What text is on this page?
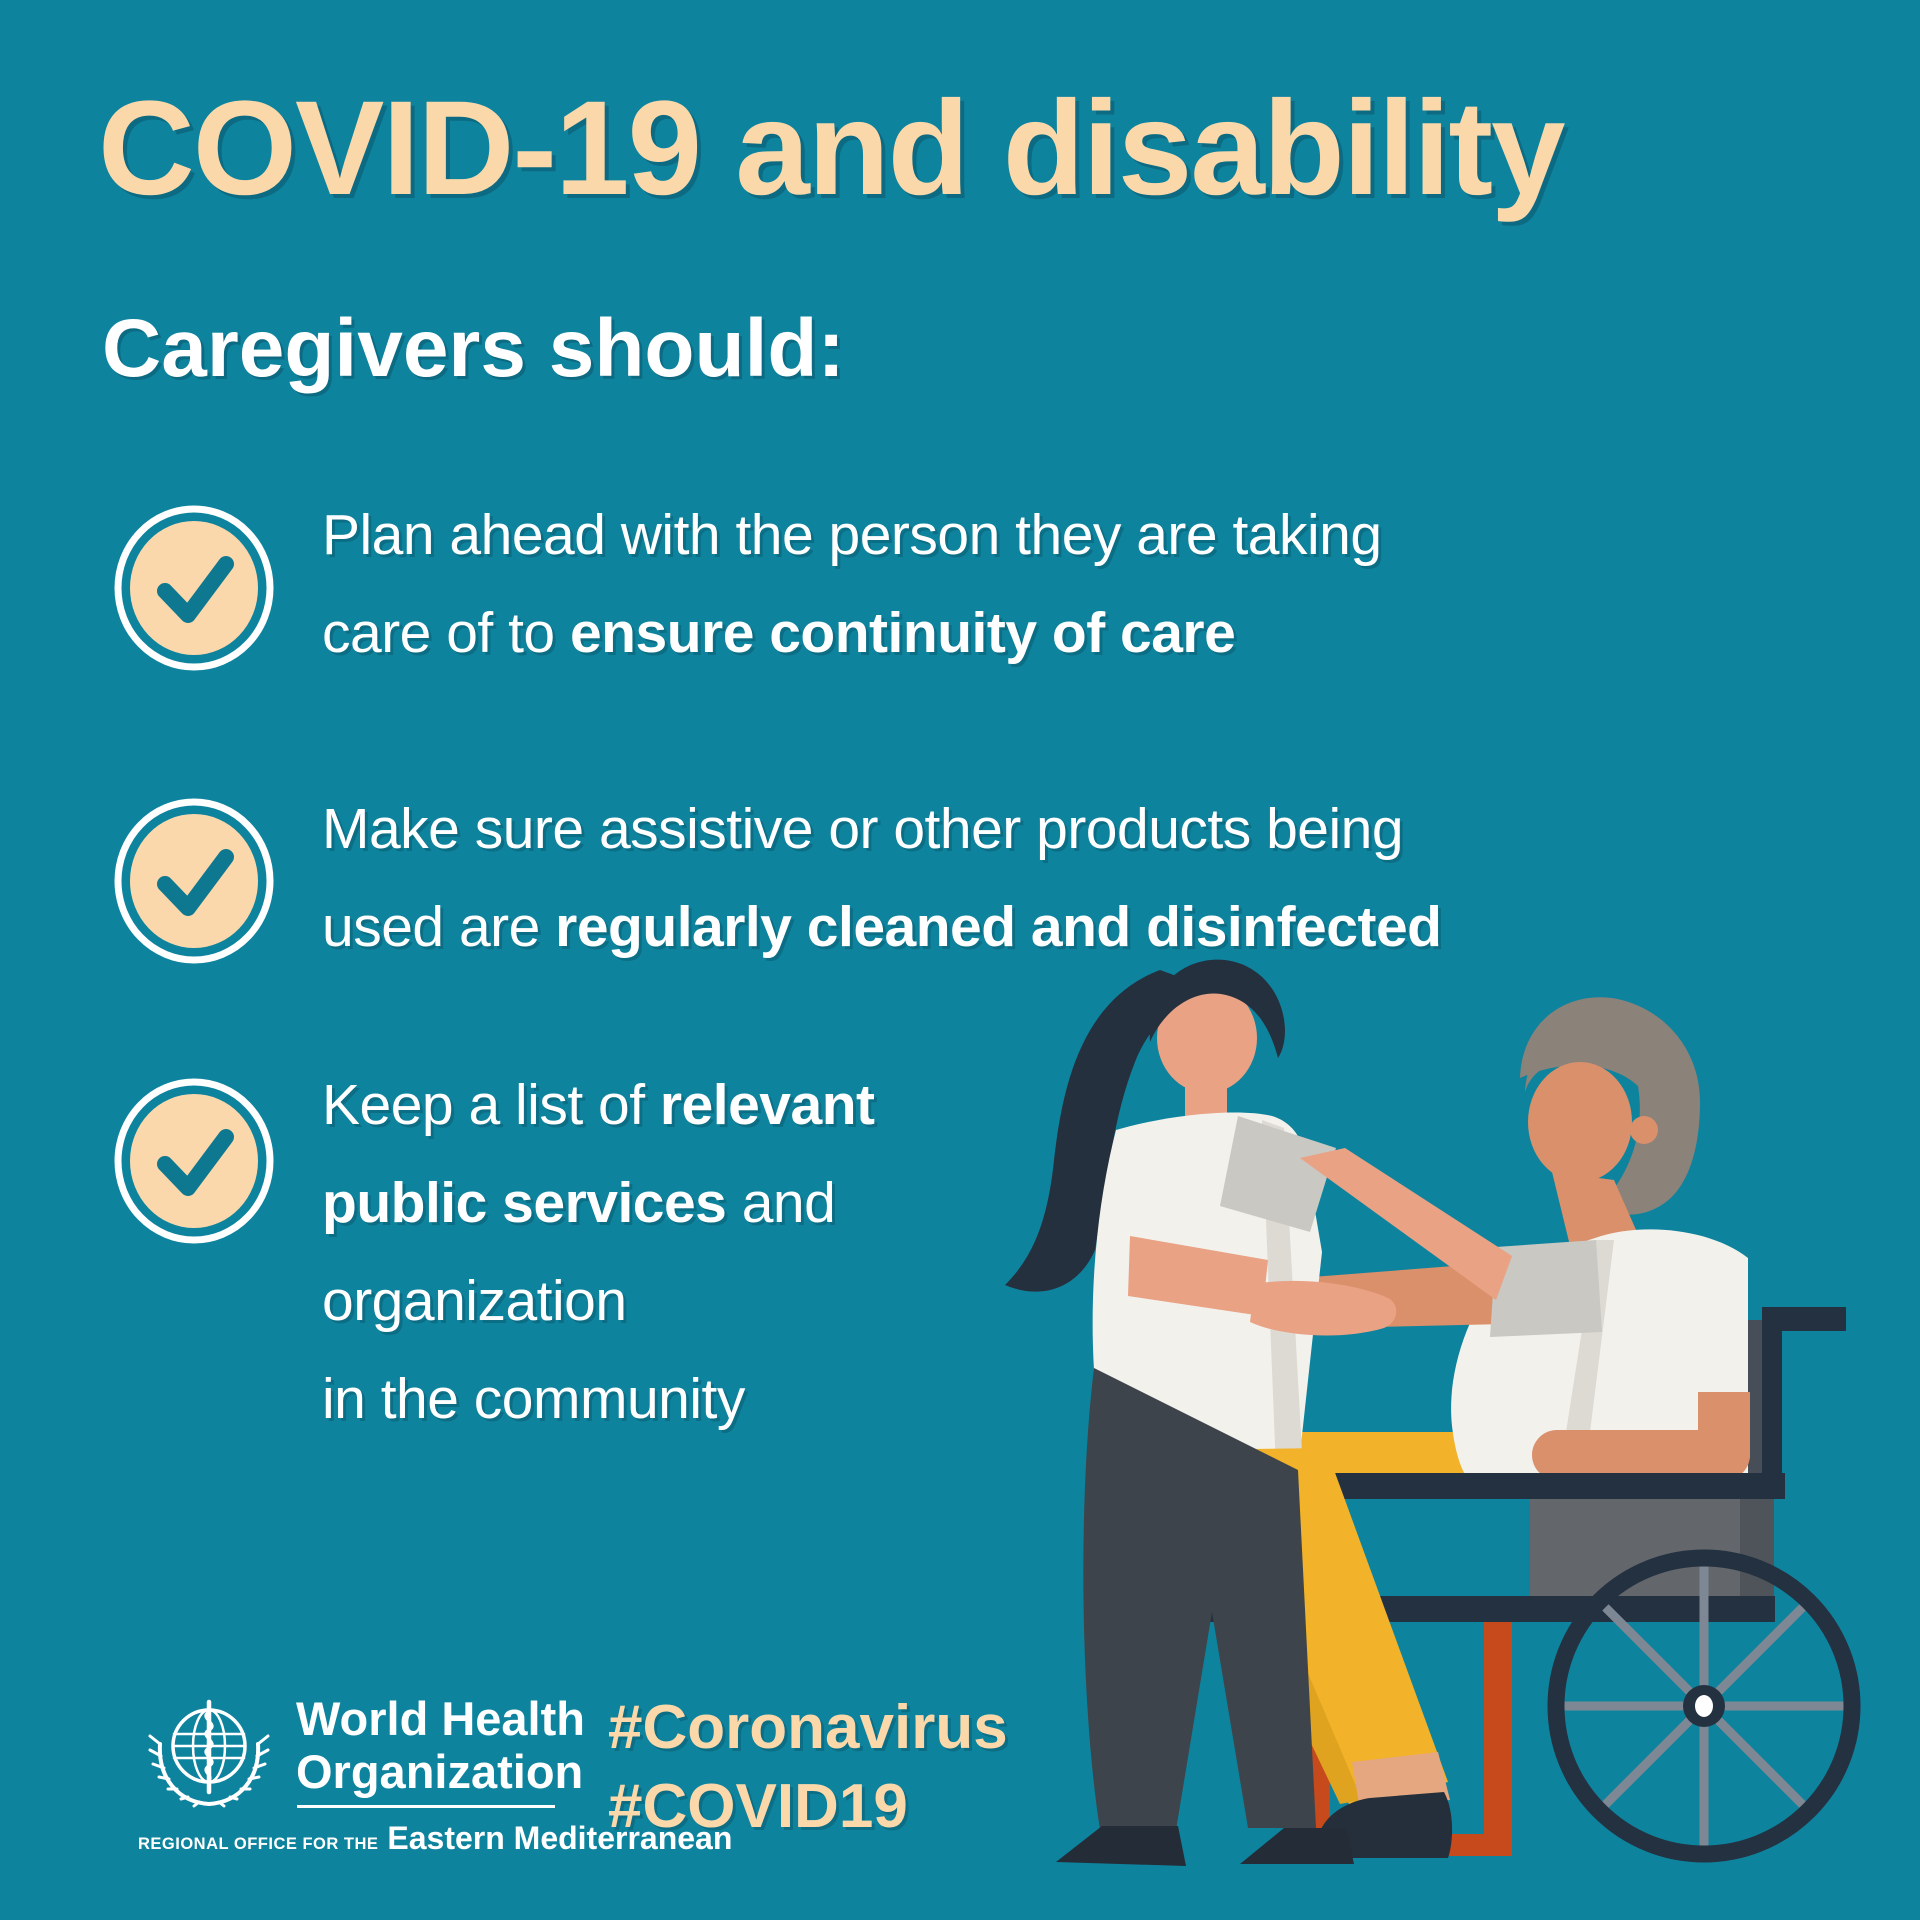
COVID-19 and disability
Caregivers should:
Plan ahead with the person they are taking
care of to ensure continuity of care
Make sure assistive or other products being
used are regularly cleaned and disinfected
Keep a list of relevant
public services and
organization
in the community
World Health
Organization
REGIONAL OFFICE FOR THE Eastern Mediterranean
#Coronavirus
#COVID19
